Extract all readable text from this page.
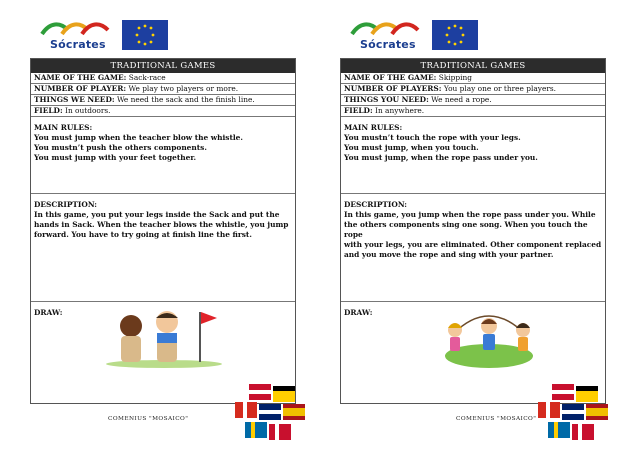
Sócrates
TRADITIONAL GAMES
NAME OF THE GAME: Sack-race
NUMBER OF PLAYER: We play two players or more.
THINGS WE NEED: We need the sack and the finish line.
FIELD: In outdoors.
MAIN RULES:
You must jump when the teacher blow the whistle.
You mustn’t push the others components.
You must jump with your feet together.
DESCRIPTION:
In this game, you put your legs inside the Sack and put the
hands in Sack. When the teacher blows the whistle, you jump
forward. You have to try going at finish line the first.
DRAW:
COMENIUS "MOSAICO"
Sócrates
TRADITIONAL GAMES
NAME OF THE GAME: Skipping
NUMBER OF PLAYERS: You play one or three players.
THINGS YOU NEED: We need a rope.
FIELD: In anywhere.
MAIN RULES:
You mustn’t touch the rope with your legs.
You must jump, when you touch.
You must jump, when the rope pass under you.
DESCRIPTION:
In this game, you jump when the rope pass under you. While
the others components sing one song. When you touch the rope
with your legs, you are eliminated. Other component replaced
and you move the rope and sing with your partner.
DRAW:
COMENIUS "MOSAICO"
